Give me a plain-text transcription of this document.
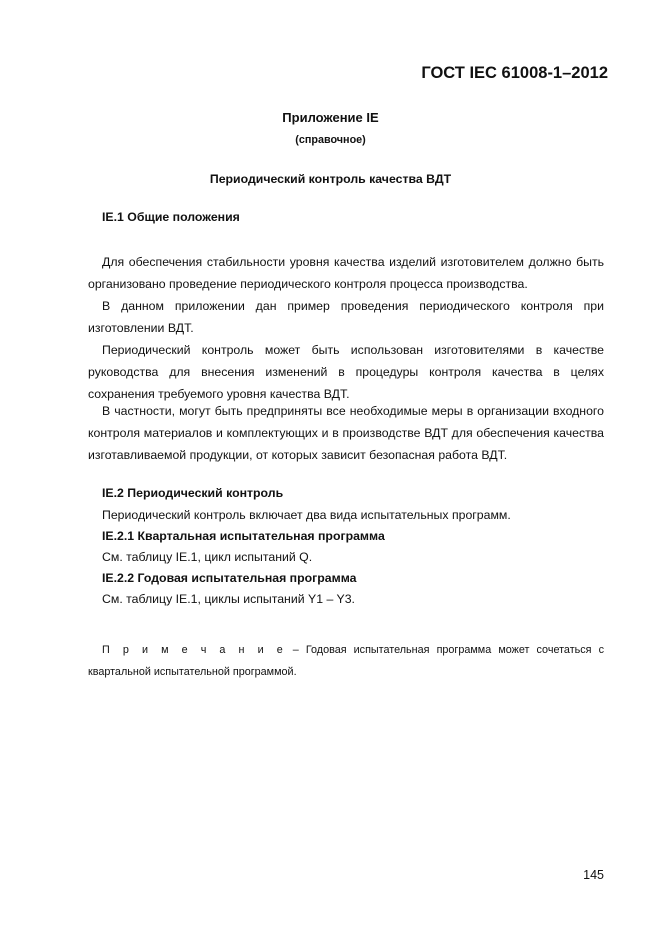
ГОСТ IEC 61008-1–2012
Приложение IE
(справочное)
Периодический контроль качества ВДТ
IE.1 Общие положения

Для обеспечения стабильности уровня качества изделий изготовителем должно быть организовано проведение периодического контроля процесса производства.

В данном приложении дан пример проведения периодического контроля при изготовлении ВДТ.

Периодический контроль может быть использован изготовителями в качестве руководства для внесения изменений в процедуры контроля качества в целях сохранения требуемого уровня качества ВДТ.

В частности, могут быть предприняты все необходимые меры в организации входного контроля материалов и комплектующих и в производстве ВДТ для обеспечения качества изготавливаемой продукции, от которых зависит безопасная работа ВДТ.

IE.2 Периодический контроль
Периодический контроль включает два вида испытательных программ.
IE.2.1 Квартальная испытательная программа
См. таблицу IE.1, цикл испытаний Q.
IE.2.2 Годовая испытательная программа
См. таблицу IE.1, циклы испытаний Y1 – Y3.

П р и м е ч а н и е – Годовая испытательная программа может сочетаться с квартальной испытательной программой.

145
